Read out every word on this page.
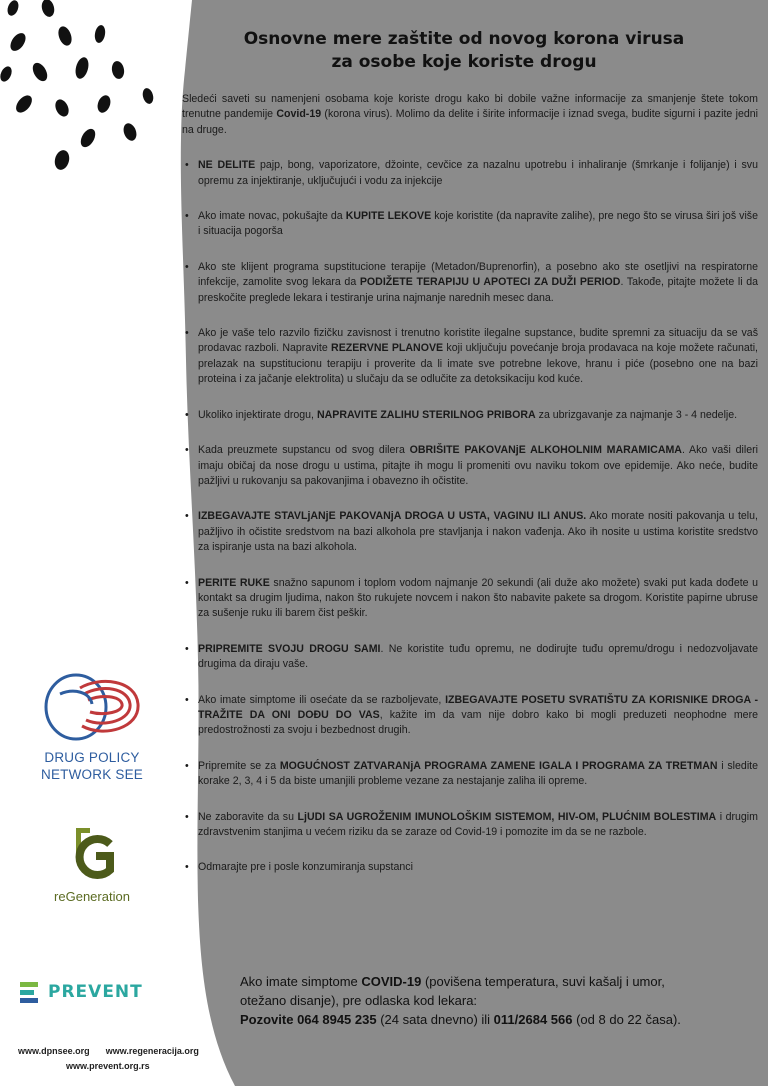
Osnovne mere zaštite od novog korona virusa
za osobe koje koriste drogu

Sledeći saveti su namenjeni osobama koje koriste drogu kako bi dobile važne informacije za smanjenje štete tokom trenutne pandemije Covid-19 (korona virus). Molimo da delite i širite informacije i iznad svega, budite sigurni i pazite jedni na druge.

• NE DELITE pajp, bong, vaporizatore, džointe, cevčice za nazalnu upotrebu i inhaliranje (šmrkanje i folijanje) i svu opremu za injektiranje, uključujući i vodu za injekcije
• Ako imate novac, pokušajte da KUPITE LEKOVE koje koristite (da napravite zalihe), pre nego što se virusa širi još više i situacija pogorša
• Ako ste klijent programa supstitucione terapije (Metadon/Buprenorfin), a posebno ako ste osetljivi na respiratorne infekcije, zamolite svog lekara da PODIŽETE TERAPIJU U APOTECI ZA DUŽI PERIOD. Takođe, pitajte možete li da preskočite preglede lekara i testiranje urina najmanje narednih mesec dana.
• Ako je vaše telo razvilo fizičku zavisnost i trenutno koristite ilegalne supstance, budite spremni za situaciju da se vaš prodavac razboli. Napravite REZERVNE PLANOVE koji uključuju povećanje broja prodavaca na koje možete računati, prelazak na supstitucionu terapiju i proverite da li imate sve potrebne lekove, hranu i piće (posebno one na bazi proteina i za jačanje elektrolita) u slučaju da se odlučite za detoksikaciju kod kuće.
• Ukoliko injektirate drogu, NAPRAVITE ZALIHU STERILNOG PRIBORA za ubrizgavanje za najmanje 3 - 4 nedelje.
• Kada preuzmete supstancu od svog dilera OBRIŠITE PAKOVANjE ALKOHOLNIM MARAMICAMA. Ako vaši dileri imaju običaj da nose drogu u ustima, pitajte ih mogu li promeniti ovu naviku tokom ove epidemije. Ako neće, budite pažljivi u rukovanju sa pakovanjima i obavezno ih očistite.
• IZBEGAVAJTE STAVLjANjE PAKOVANjA DROGA U USTA, VAGINU ILI ANUS. Ako morate nositi pakovanja u telu, pažljivo ih očistite sredstvom na bazi alkohola pre stavljanja i nakon vađenja. Ako ih nosite u ustima koristite sredstvo za ispiranje usta na bazi alkohola.
• PERITE RUKE snažno sapunom i toplom vodom najmanje 20 sekundi (ali duže ako možete) svaki put kada dođete u kontakt sa drugim ljudima, nakon što rukujete novcem i nakon što nabavite pakete sa drogom. Koristite papirne ubruse za sušenje ruku ili barem čist peškir.
• PRIPREMITE SVOJU DROGU SAMI. Ne koristite tuđu opremu, ne dodirujte tuđu opremu/drogu i nedozvoljavate drugima da diraju vaše.
• Ako imate simptome ili osećate da se razboljevate, IZBEGAVAJTE POSETU SVRATIŠTU ZA KORISNIKE DROGA - TRAŽITE DA ONI DOĐU DO VAS, kažite im da vam nije dobro kako bi mogli preduzeti neophodne mere predostrožnosti za svoju i bezbednost drugih.
• Pripremite se za MOGUĆNOST ZATVARANjA PROGRAMA ZAMENE IGALA I PROGRAMA ZA TRETMAN i sledite korake 2, 3, 4 i 5 da biste umanjili probleme vezane za nestajanje zaliha ili opreme.
• Ne zaboravite da su LjUDI SA UGROŽENIM IMUNOLOŠKIM SISTEMOM, HIV-OM, PLUĆNIM BOLESTIMA i drugim zdravstvenim stanjima u većem riziku da se zaraze od Covid-19 i pomozite im da se ne razbole.
• Odmarajte pre i posle konzumiranja supstanci
Ako imate simptome COVID-19 (povišena temperatura, suvi kašalj i umor, otežano disanje), pre odlaska kod lekara:
Pozovite 064 8945 235 (24 sata dnevno) ili 011/2684 566 (od 8 do 22 časa).
DRUG POLICY
NETWORK SEE
reGeneration
PREVENT
www.dpnsee.org www.regeneracija.org
www.prevent.org.rs
